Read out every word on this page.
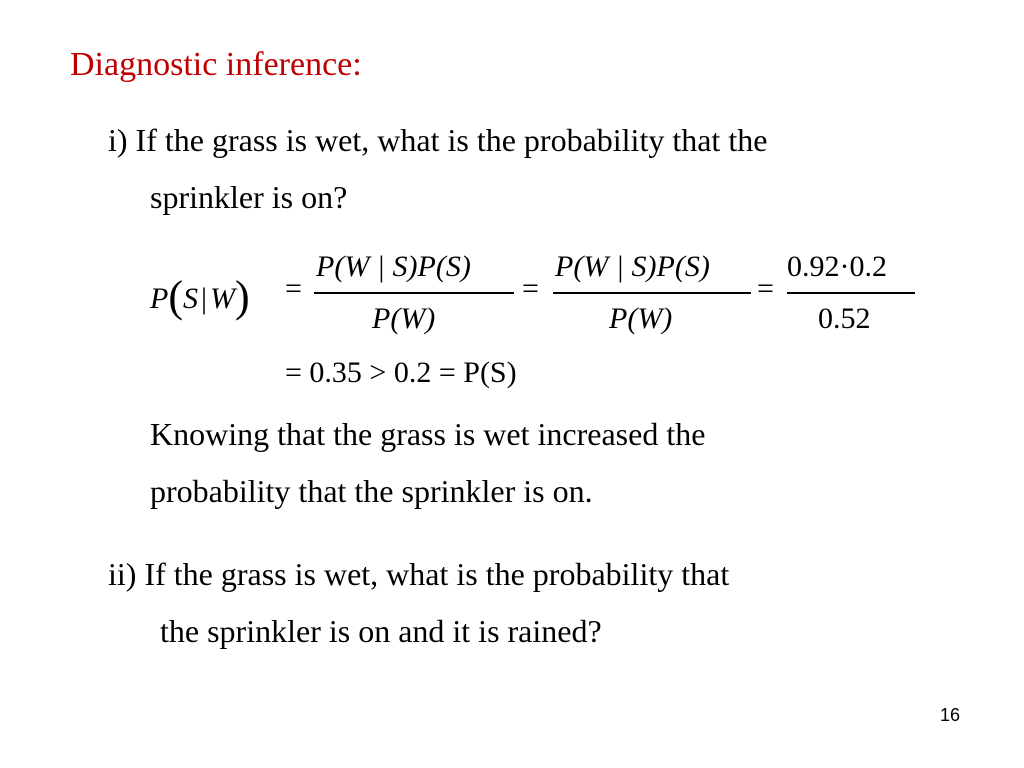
Diagnostic inference:
i) If the grass is wet, what is the probability that the
sprinkler is on?
P(S | W) =
P(W | S)P(S)
P(W)
=
P(W | S)P(S)
P(W)
=
0.92·0.2
0.52
= 0.35 > 0.2 = P(S)
Knowing that the grass is wet increased the
probability that the sprinkler is on.
ii) If the grass is wet, what is the probability that
the sprinkler is on and it is rained?
16
